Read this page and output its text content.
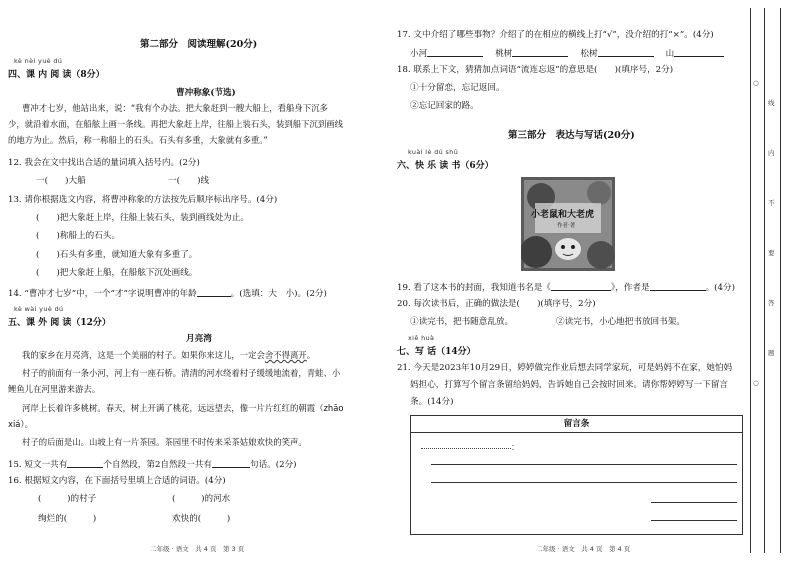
第二部分　阅读理解(20分)
kè nèi yuè dú
四、课 内 阅 读（8分）
曹冲称象(节选)
曹冲才七岁，他站出来，说：“我有个办法。把大象赶到一艘大船上，看船身下沉多
少，就沿着水面，在船舷上画一条线。再把大象赶上岸，往船上装石头，装到船下沉到画线
的地方为止。然后，称一称船上的石头。石头有多重，大象就有多重。”
12. 我会在文中找出合适的量词填入括号内。(2分)
一(　　)大船	一(　　)线
13. 请你根据选文内容，将曹冲称象的方法按先后顺序标出序号。(4分)
(　　)把大象赶上岸，往船上装石头，装到画线处为止。
(　　)称船上的石头。
(　　)石头有多重，就知道大象有多重了。
(　　)把大象赶上船，在船舷下沉处画线。
14. “曹冲才七岁”中，一个“才”字说明曹冲的年龄	。(选填：大　小)。(2分)
kè wài yuè dú
五、课 外 阅 读（12分）
月亮湾
我的家乡在月亮湾，这是一个美丽的村子。如果你来这儿，一定会舍不得离开。
村子的前面有一条小河，河上有一座石桥。清清的河水绕着村子缓缓地流着，青蛙、小
鲤鱼儿在河里游来游去。
河岸上长着许多桃树。春天，树上开满了桃花，远远望去，像一片片红红的朝霞（zhāo
xiá）。
村子的后面是山。山坡上有一片茶园。茶园里不时传来采茶姑娘欢快的笑声。
15. 短文一共有	个自然段，第2自然段一共有	句话。(2分)
16. 根据短文内容，在下面括号里填上合适的词语。(4分)
(　　　)的村子	(　　　)的河水
绚烂的(　　　)	欢快的(　　　)
二年级 · 语文　共 4 页　第 3 页
17. 文中介绍了哪些事物？介绍了的在相应的横线上打“√”，没介绍的打“×”。(4分)
小河	桃树	松树	山
18. 联系上下文，猜猜加点词语“流连忘返”的意思是(　　)(填序号，2分)
①十分留恋，忘记返回。
②忘记回家的路。
第三部分　表达与写话(20分)
kuài lè dú shū
六、快 乐 读 书（6分）
小老鼠和大老虎
作者·著
19. 看了这本书的封面，我知道书名是《	》，作者是	。(4分)
20. 每次读书后，正确的做法是(　　)(填序号，2分)
①读完书，把书随意乱放。	②读完书，小心地把书放回书架。
xiě huà
七、写 话（14分）
21. 今天是2023年10月29日，婷婷做完作业后想去同学家玩，可是妈妈不在家，她怕妈
妈担心，打算写个留言条留给妈妈，告诉她自己会按时回来。请你帮婷婷写一下留言
条。(14分)
留言条
：
二年级 · 语文　共 4 页　第 4 页
○
○
线
内
不
要
答
题
